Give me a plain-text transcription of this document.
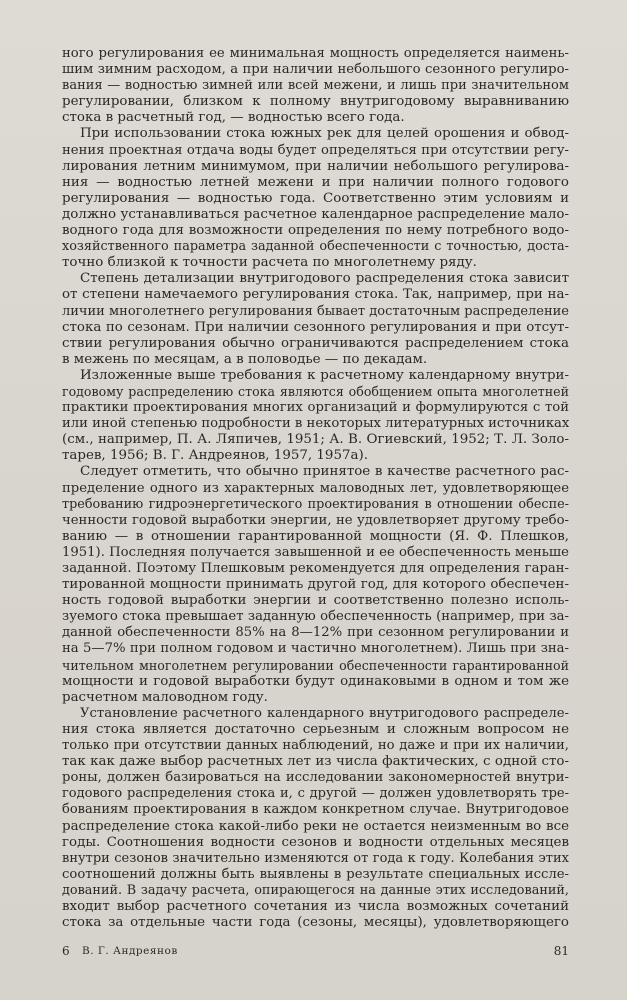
ного регулирования ее минимальная мощность определяется наимень-
шим зимним расходом, а при наличии небольшого сезонного регулиро-
вания — водностью зимней или всей межени, и лишь при значительном
регулировании, близком к полному внутригодовому выравниванию
стока в расчетный год, — водностью всего года.
При использовании стока южных рек для целей орошения и обвод-
нения проектная отдача воды будет определяться при отсутствии регу-
лирования летним минимумом, при наличии небольшого регулирова-
ния — водностью летней межени и при наличии полного годового
регулирования — водностью года. Соответственно этим условиям и
должно устанавливаться расчетное календарное распределение мало-
водного года для возможности определения по нему потребного водо-
хозяйственного параметра заданной обеспеченности с точностью, доста-
точно близкой к точности расчета по многолетнему ряду.
Степень детализации внутригодового распределения стока зависит
от степени намечаемого регулирования стока. Так, например, при на-
личии многолетнего регулирования бывает достаточным распределение
стока по сезонам. При наличии сезонного регулирования и при отсут-
ствии регулирования обычно ограничиваются распределением стока
в межень по месяцам, а в половодье — по декадам.
Изложенные выше требования к расчетному календарному внутри-
годовому распределению стока являются обобщением опыта многолетней
практики проектирования многих организаций и формулируются с той
или иной степенью подробности в некоторых литературных источниках
(см., например, П. А. Ляпичев, 1951; А. В. Огиевский, 1952; Т. Л. Золо-
тарев, 1956; В. Г. Андреянов, 1957, 1957а).
Следует отметить, что обычно принятое в качестве расчетного рас-
пределение одного из характерных маловодных лет, удовлетворяющее
требованию гидроэнергетического проектирования в отношении обеспе-
ченности годовой выработки энергии, не удовлетворяет другому требо-
ванию — в отношении гарантированной мощности (Я. Ф. Плешков,
1951). Последняя получается завышенной и ее обеспеченность меньше
заданной. Поэтому Плешковым рекомендуется для определения гаран-
тированной мощности принимать другой год, для которого обеспечен-
ность годовой выработки энергии и соответственно полезно исполь-
зуемого стока превышает заданную обеспеченность (например, при за-
данной обеспеченности 85% на 8—12% при сезонном регулировании и
на 5—7% при полном годовом и частично многолетнем). Лишь при зна-
чительном многолетнем регулировании обеспеченности гарантированной
мощности и годовой выработки будут одинаковыми в одном и том же
расчетном маловодном году.
Установление расчетного календарного внутригодового распределе-
ния стока является достаточно серьезным и сложным вопросом не
только при отсутствии данных наблюдений, но даже и при их наличии,
так как даже выбор расчетных лет из числа фактических, с одной сто-
роны, должен базироваться на исследовании закономерностей внутри-
годового распределения стока и, с другой — должен удовлетворять тре-
бованиям проектирования в каждом конкретном случае. Внутригодовое
распределение стока какой-либо реки не остается неизменным во все
годы. Соотношения водности сезонов и водности отдельных месяцев
внутри сезонов значительно изменяются от года к году. Колебания этих
соотношений должны быть выявлены в результате специальных иссле-
дований. В задачу расчета, опирающегося на данные этих исследований,
входит выбор расчетного сочетания из числа возможных сочетаний
стока за отдельные части года (сезоны, месяцы), удовлетворяющего
6 В. Г. Андреянов	81
